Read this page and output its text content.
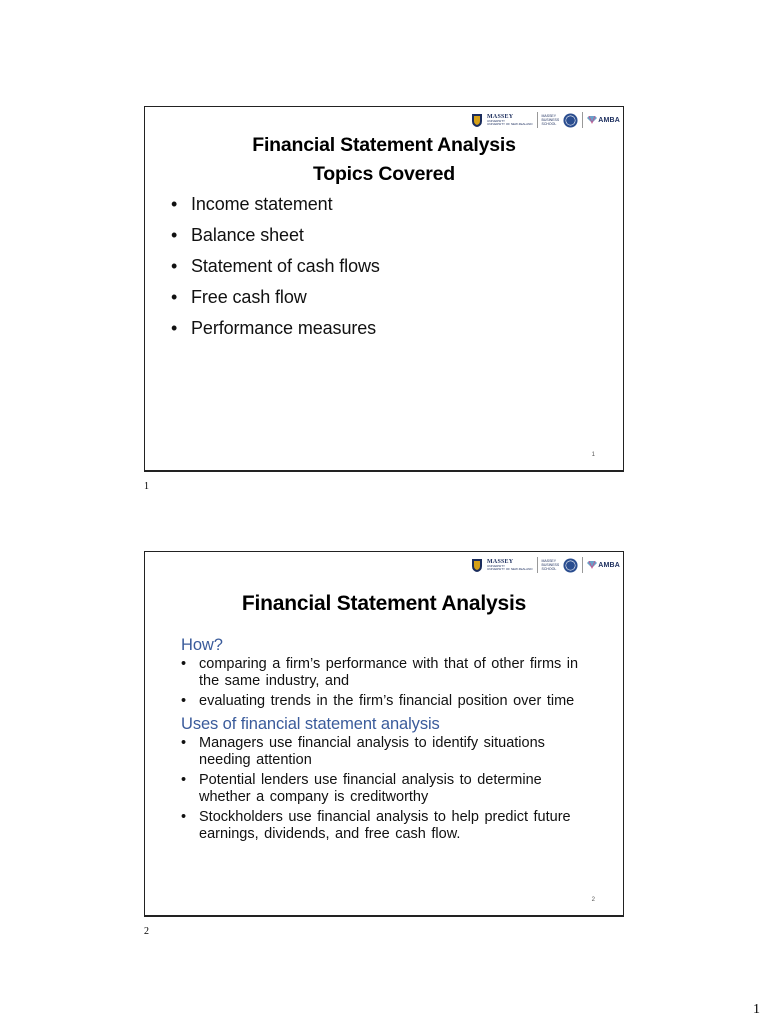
MASSEY
UNIVERSITY
UNIVERSITY OF NEW ZEALAND
MASSEY
BUSINESS
SCHOOL
AMBA
Financial Statement Analysis
Topics Covered
• Income statement
• Balance sheet
• Statement of cash flows
• Free cash flow
• Performance measures
1
1
MASSEY
UNIVERSITY
UNIVERSITY OF NEW ZEALAND
MASSEY
BUSINESS
SCHOOL
AMBA
Financial Statement Analysis

How?

• comparing a firm’s performance with that of other firms in the same industry, and
• evaluating trends in the firm’s financial position over time

Uses of financial statement analysis

• Managers use financial analysis to identify situations needing attention
• Potential lenders use financial analysis to determine whether a company is creditworthy
• Stockholders use financial analysis to help predict future earnings, dividends, and free cash flow.
2
2
1
